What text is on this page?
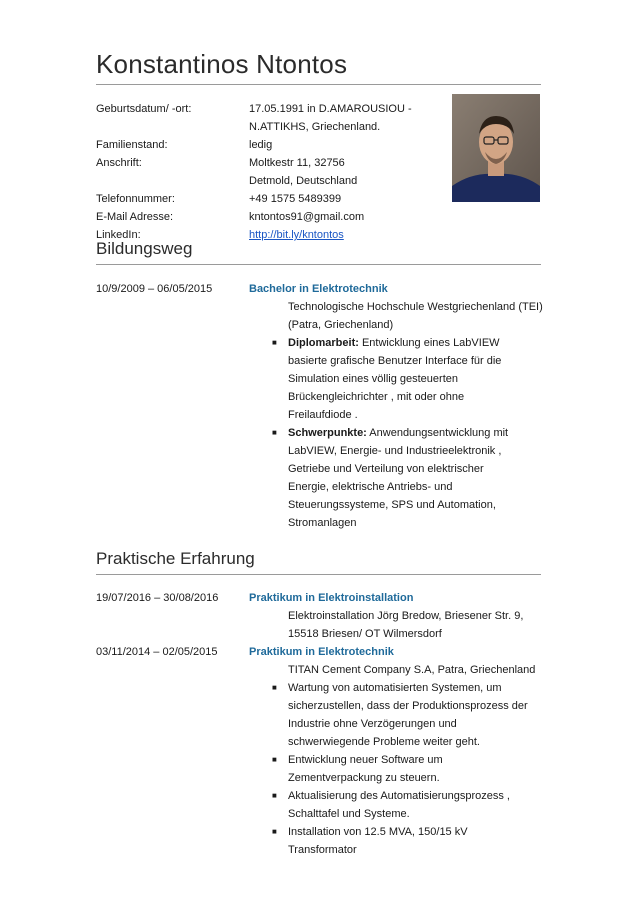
Konstantinos Ntontos
Geburtsdatum/ -ort:	17.05.1991 in D.AMAROUSIOU -
N.ATTIKHS, Griechenland.
Familienstand:	ledig
Anschrift:	Moltkestr 11, 32756
Detmold, Deutschland
Telefonnummer:	+49 1575 5489399
E-Mail Adresse:	kntontos91@gmail.com
LinkedIn:	http://bit.ly/kntontos
Bildungsweg
10/9/2009 – 06/05/2015	Bachelor in Elektrotechnik
Technologische Hochschule Westgriechenland (TEI)
(Patra, Griechenland)
■ Diplomarbeit: Entwicklung eines LabVIEW
basierte grafische Benutzer Interface für die
Simulation eines völlig gesteuerten
Brückengleichrichter , mit oder ohne
Freilaufdiode .
■ Schwerpunkte: Anwendungsentwicklung mit
LabVIEW, Energie- und Industrieelektronik ,
Getriebe und Verteilung von elektrischer
Energie, elektrische Antriebs- und
Steuerungssysteme, SPS und Automation,
Stromanlagen
Praktische Erfahrung
19/07/2016 – 30/08/2016	Praktikum in Elektroinstallation
Elektroinstallation Jörg Bredow, Briesener Str. 9,
15518 Briesen/ OT Wilmersdorf
03/11/2014 – 02/05/2015	Praktikum in Elektrotechnik
TITAN Cement Company S.A, Patra, Griechenland
■ Wartung von automatisierten Systemen, um
sicherzustellen, dass der Produktionsprozess der
Industrie ohne Verzögerungen und
schwerwiegende Probleme weiter geht.
■ Entwicklung neuer Software um
Zementverpackung zu steuern.
■ Aktualisierung des Automatisierungsprozess ,
Schalttafel und Systeme.
■ Installation von 12.5 MVA, 150/15 kV
Transformator
